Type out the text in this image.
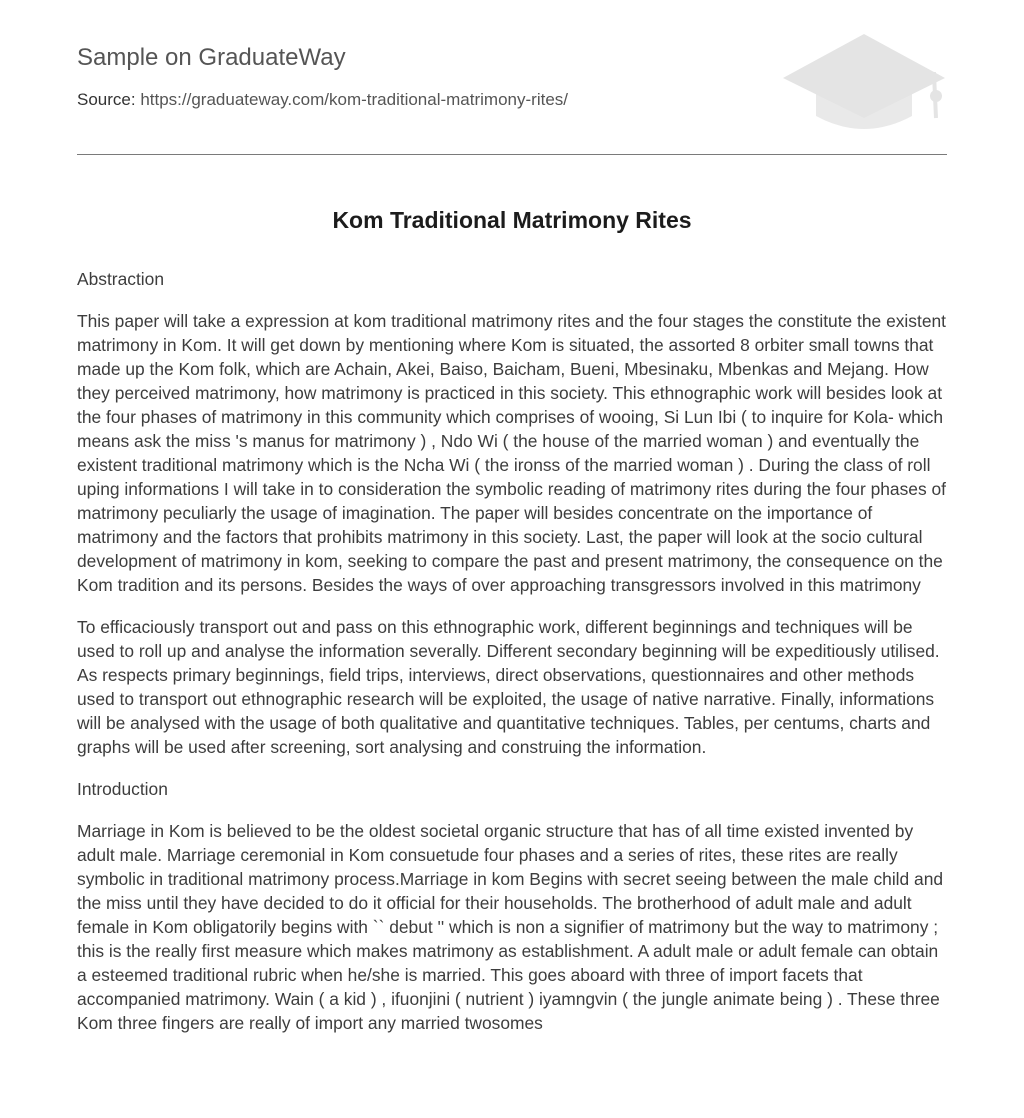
Sample on GraduateWay
Source: https://graduateway.com/kom-traditional-matrimony-rites/
Kom Traditional Matrimony Rites
Abstraction

This paper will take a expression at kom traditional matrimony rites and the four stages the constitute the existent matrimony in Kom. It will get down by mentioning where Kom is situated, the assorted 8 orbiter small towns that made up the Kom folk, which are Achain, Akei, Baiso, Baicham, Bueni, Mbesinaku, Mbenkas and Mejang. How they perceived matrimony, how matrimony is practiced in this society. This ethnographic work will besides look at the four phases of matrimony in this community which comprises of wooing, Si Lun Ibi ( to inquire for Kola- which means ask the miss 's manus for matrimony ) , Ndo Wi ( the house of the married woman ) and eventually the existent traditional matrimony which is the Ncha Wi ( the ironss of the married woman ) . During the class of roll uping informations I will take in to consideration the symbolic reading of matrimony rites during the four phases of matrimony peculiarly the usage of imagination. The paper will besides concentrate on the importance of matrimony and the factors that prohibits matrimony in this society. Last, the paper will look at the socio cultural development of matrimony in kom, seeking to compare the past and present matrimony, the consequence on the Kom tradition and its persons. Besides the ways of over approaching transgressors involved in this matrimony

To efficaciously transport out and pass on this ethnographic work, different beginnings and techniques will be used to roll up and analyse the information severally. Different secondary beginning will be expeditiously utilised. As respects primary beginnings, field trips, interviews, direct observations, questionnaires and other methods used to transport out ethnographic research will be exploited, the usage of native narrative. Finally, informations will be analysed with the usage of both qualitative and quantitative techniques. Tables, per centums, charts and graphs will be used after screening, sort analysing and construing the information.

Introduction

Marriage in Kom is believed to be the oldest societal organic structure that has of all time existed invented by adult male. Marriage ceremonial in Kom consuetude four phases and a series of rites, these rites are really symbolic in traditional matrimony process.Marriage in kom Begins with secret seeing between the male child and the miss until they have decided to do it official for their households. The brotherhood of adult male and adult female in Kom obligatorily begins with `` debut '' which is non a signifier of matrimony but the way to matrimony ; this is the really first measure which makes matrimony as establishment. A adult male or adult female can obtain a esteemed traditional rubric when he/she is married. This goes aboard with three of import facets that accompanied matrimony. Wain ( a kid ) , ifuonjini ( nutrient ) iyamngvin ( the jungle animate being ) . These three Kom three fingers are really of import any married twosomes
